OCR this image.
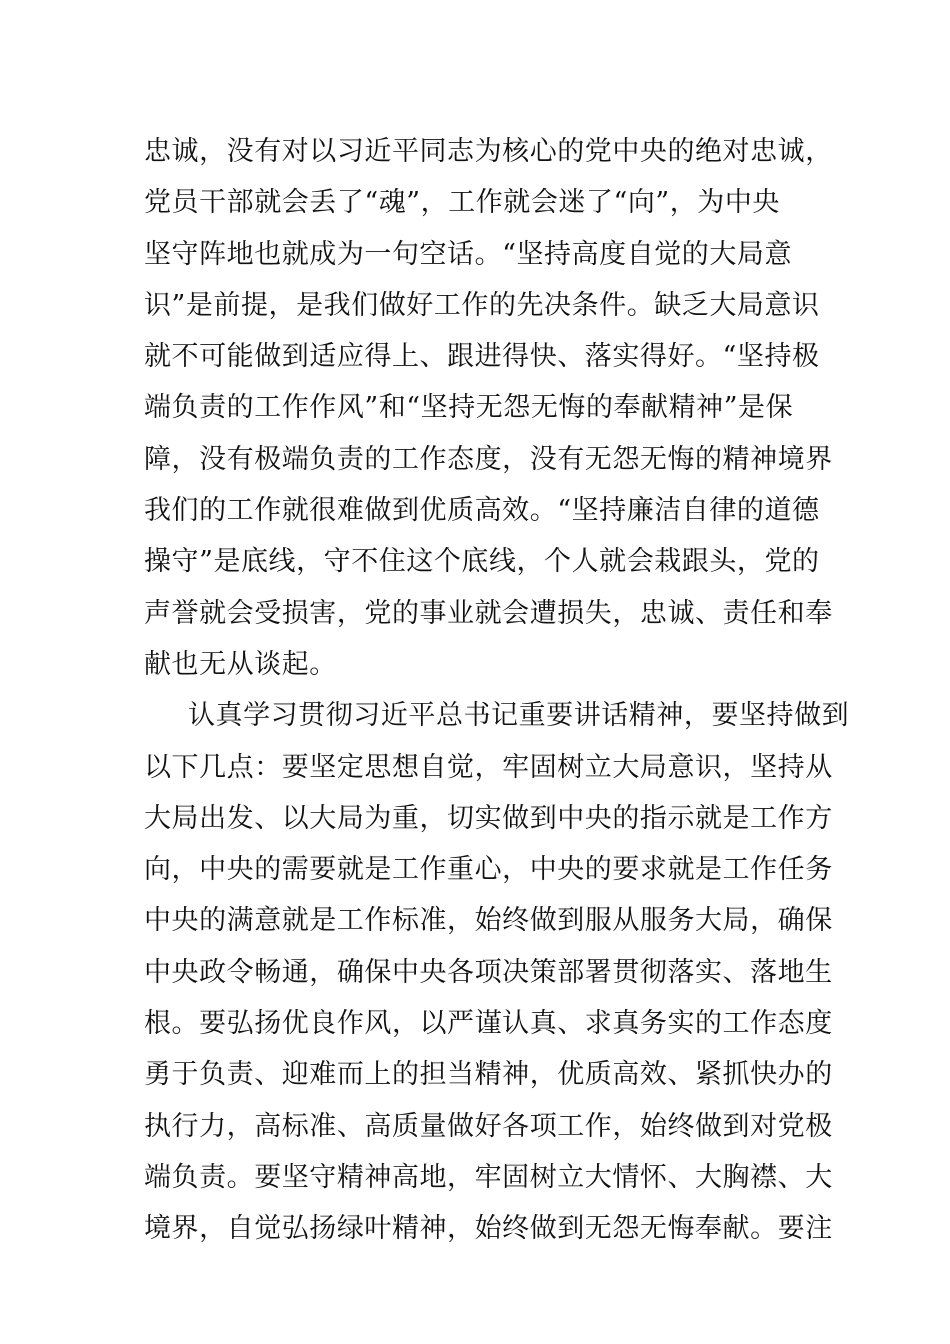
忠诚，没有对以习近平同志为核心的党中央的绝对忠诚，
党员干部就会丢了“魂”，工作就会迷了“向”，为中央
坚守阵地也就成为一句空话。“坚持高度自觉的大局意
识”是前提，是我们做好工作的先决条件。缺乏大局意识
就不可能做到适应得上、跟进得快、落实得好。“坚持极
端负责的工作作风”和“坚持无怨无悔的奉献精神”是保
障，没有极端负责的工作态度，没有无怨无悔的精神境界
我们的工作就很难做到优质高效。“坚持廉洁自律的道德
操守”是底线，守不住这个底线，个人就会栽跟头，党的
声誉就会受损害，党的事业就会遭损失，忠诚、责任和奉
献也无从谈起。
认真学习贯彻习近平总书记重要讲话精神，要坚持做到
以下几点：要坚定思想自觉，牢固树立大局意识，坚持从
大局出发、以大局为重，切实做到中央的指示就是工作方
向，中央的需要就是工作重心，中央的要求就是工作任务
中央的满意就是工作标准，始终做到服从服务大局，确保
中央政令畅通，确保中央各项决策部署贯彻落实、落地生
根。要弘扬优良作风，以严谨认真、求真务实的工作态度
勇于负责、迎难而上的担当精神，优质高效、紧抓快办的
执行力，高标准、高质量做好各项工作，始终做到对党极
端负责。要坚守精神高地，牢固树立大情怀、大胸襟、大
境界，自觉弘扬绿叶精神，始终做到无怨无悔奉献。要注
